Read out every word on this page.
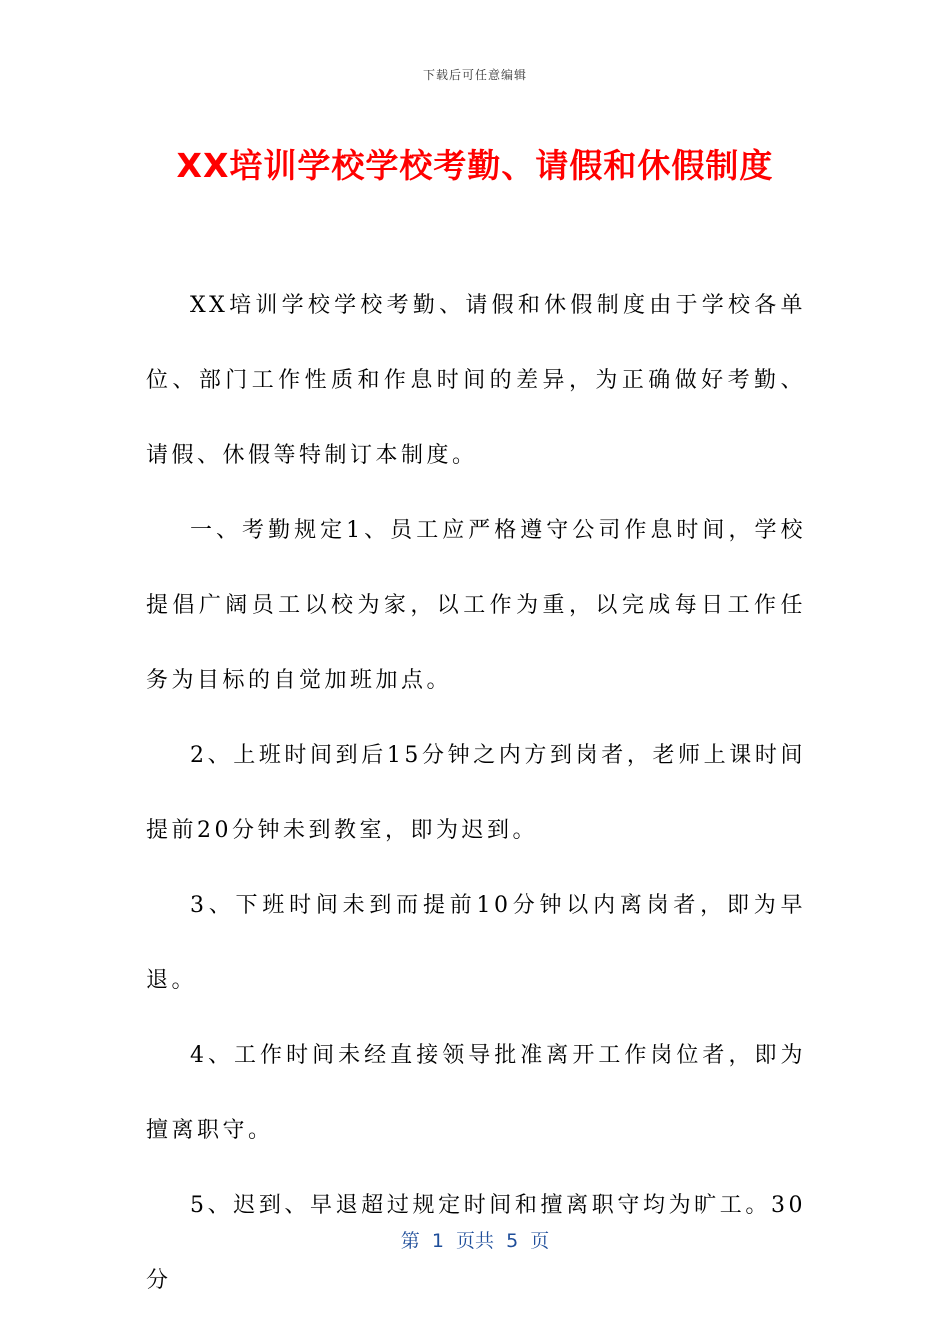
下载后可任意编辑
XX培训学校学校考勤、请假和休假制度

XX培训学校学校考勤、请假和休假制度由于学校各单位、部门工作性质和作息时间的差异，为正确做好考勤、请假、休假等特制订本制度。

一、考勤规定1、员工应严格遵守公司作息时间，学校提倡广阔员工以校为家，以工作为重，以完成每日工作任务为目标的自觉加班加点。

2、上班时间到后15分钟之内方到岗者，老师上课时间提前20分钟未到教室，即为迟到。

3、下班时间未到而提前10分钟以内离岗者，即为早退。

4、工作时间未经直接领导批准离开工作岗位者，即为擅离职守。

5、迟到、早退超过规定时间和擅离职守均为旷工。30分

第  1  页共  5  页
